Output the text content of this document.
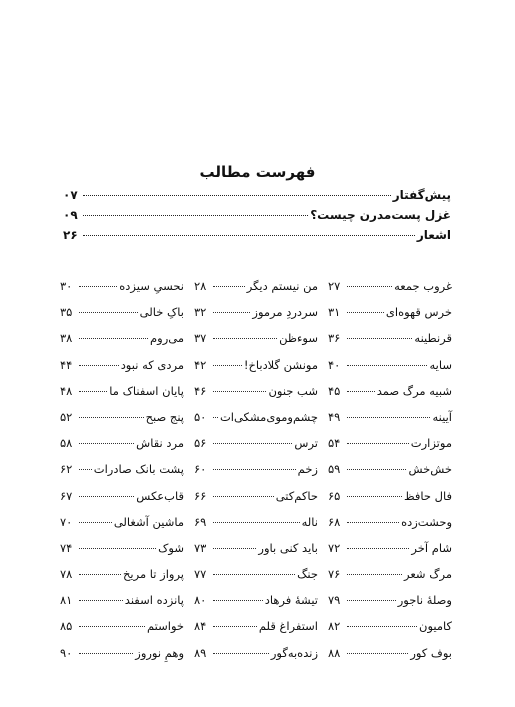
فهرست مطالب
پیش‌گفتار
۰۷
غزل پست‌مدرن چیست؟
۰۹
اشعار
۲۶
غروب جمعه
۲۷
خرس قهوه‌ای
۳۱
قرنطینه
۳۶
سایه
۴۰
شبیه مرگ صمد
۴۵
آیینه
۴۹
موتزارت
۵۴
خش‌خش
۵۹
فال حافظ
۶۵
وحشت‌زده
۶۸
شام آخر
۷۲
مرگ شعر
۷۶
وصلهٔ ناجور
۷۹
کامیون
۸۲
بوف کور
۸۸
من نیستم دیگر
۲۸
سردردِ مرموز
۳۲
سوءظن
۳۷
مونشن گلادباخ!
۴۲
شب جنون
۴۶
چشم‌وموی‌مشکی‌ات
۵۰
ترس
۵۶
زخم
۶۰
حاکم‌کتی
۶۶
ناله
۶۹
باید کنی باور
۷۳
جنگ
۷۷
تیشهٔ فرهاد
۸۰
استفراغ قلم
۸۴
زنده‌به‌گور
۸۹
نحسیِ سیزده
۳۰
باکِ خالی
۳۵
می‌روم
۳۸
مردی که نبود
۴۴
پایان اسفناک ما
۴۸
پنج صبح
۵۲
مرد نقاش
۵۸
پشت بانک صادرات
۶۲
قاب‌عکس
۶۷
ماشین آشغالی
۷۰
شوک
۷۴
پرواز تا مریخ
۷۸
پانزده اسفند
۸۱
خواستم
۸۵
وهمِ نوروز
۹۰
